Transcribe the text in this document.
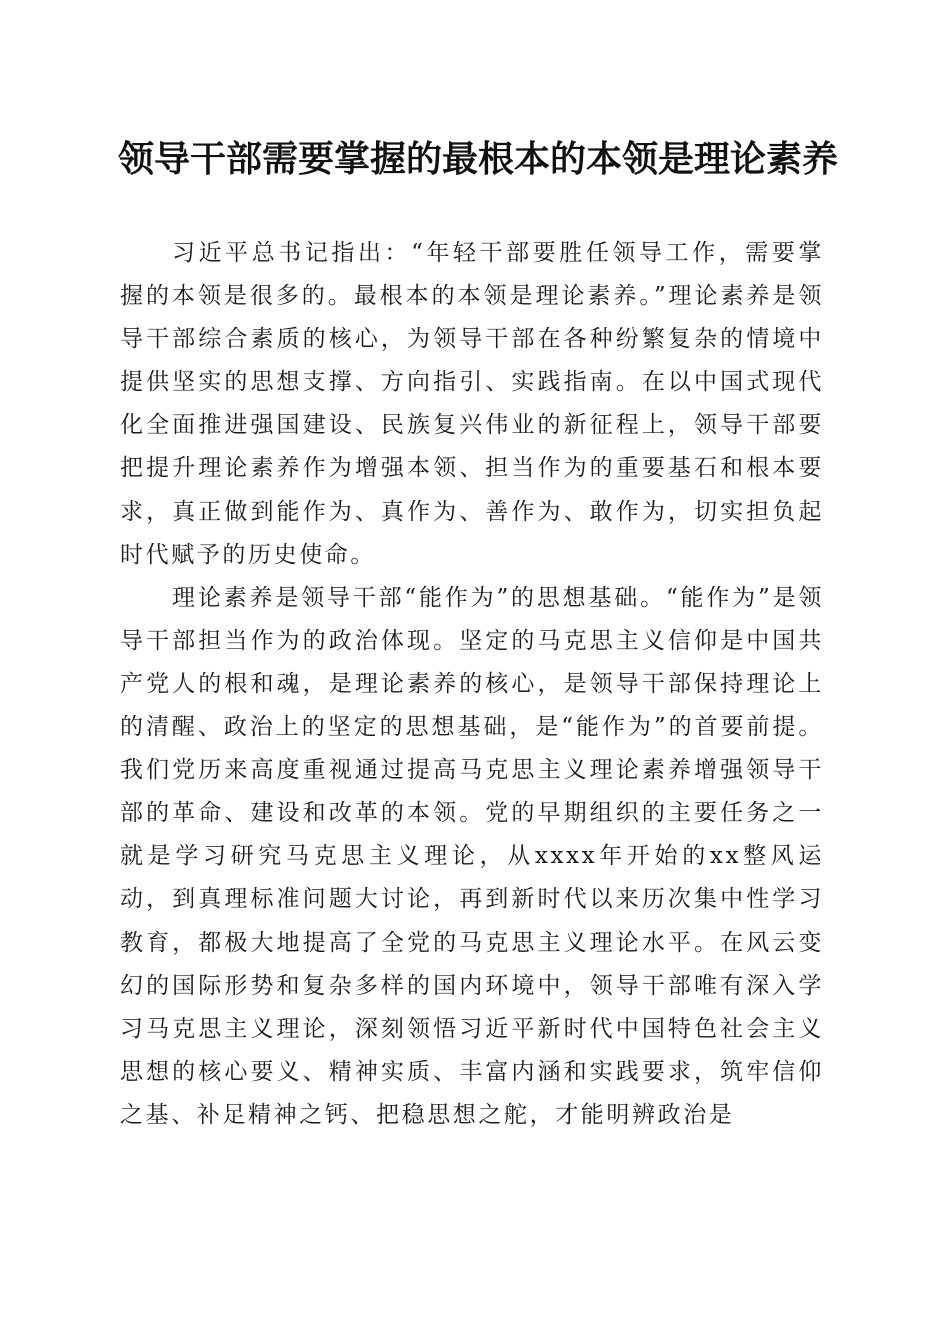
领导干部需要掌握的最根本的本领是理论素养

习近平总书记指出：“年轻干部要胜任领导工作，需要掌握的本领是很多的。最根本的本领是理论素养。”理论素养是领导干部综合素质的核心，为领导干部在各种纷繁复杂的情境中提供坚实的思想支撑、方向指引、实践指南。在以中国式现代化全面推进强国建设、民族复兴伟业的新征程上，领导干部要把提升理论素养作为增强本领、担当作为的重要基石和根本要求，真正做到能作为、真作为、善作为、敢作为，切实担负起时代赋予的历史使命。

理论素养是领导干部“能作为”的思想基础。“能作为”是领导干部担当作为的政治体现。坚定的马克思主义信仰是中国共产党人的根和魂，是理论素养的核心，是领导干部保持理论上的清醒、政治上的坚定的思想基础，是“能作为”的首要前提。我们党历来高度重视通过提高马克思主义理论素养增强领导干部的革命、建设和改革的本领。党的早期组织的主要任务之一就是学习研究马克思主义理论，从xxxx年开始的xx整风运动，到真理标准问题大讨论，再到新时代以来历次集中性学习教育，都极大地提高了全党的马克思主义理论水平。在风云变幻的国际形势和复杂多样的国内环境中，领导干部唯有深入学习马克思主义理论，深刻领悟习近平新时代中国特色社会主义思想的核心要义、精神实质、丰富内涵和实践要求，筑牢信仰之基、补足精神之钙、把稳思想之舵，才能明辨政治是
